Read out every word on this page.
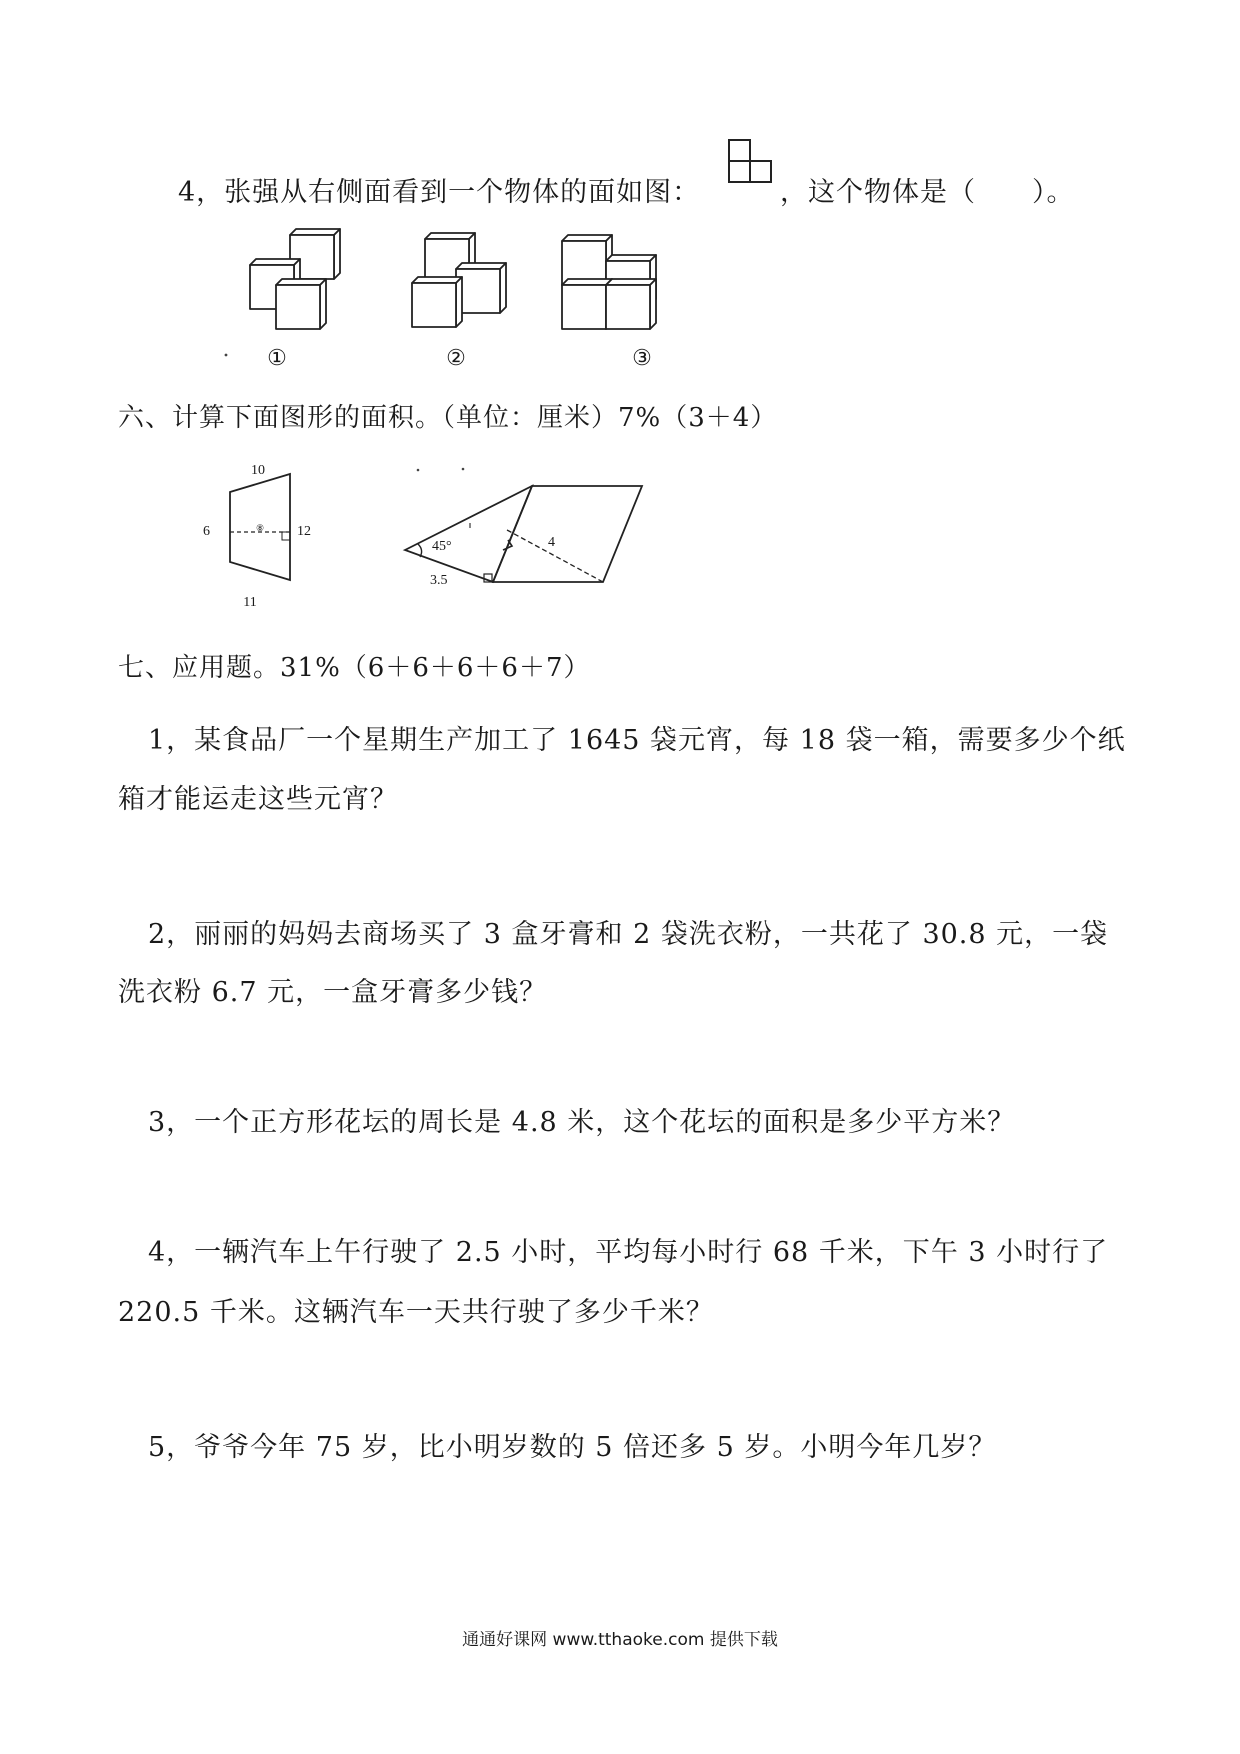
4，张强从右侧面看到一个物体的面如图：	，这个物体是（　　）。
①	②	③
六、计算下面图形的面积。（单位：厘米）7%（3＋4）
10
6	12
11
⑧
45°	4
3.5
七、应用题。31%（6＋6＋6＋6＋7）
1，某食品厂一个星期生产加工了 1645 袋元宵，每 18 袋一箱，需要多少个纸
箱才能运走这些元宵？
2，丽丽的妈妈去商场买了 3 盒牙膏和 2 袋洗衣粉，一共花了 30.8 元，一袋
洗衣粉 6.7 元，一盒牙膏多少钱？
3，一个正方形花坛的周长是 4.8 米，这个花坛的面积是多少平方米？
4，一辆汽车上午行驶了 2.5 小时，平均每小时行 68 千米，下午 3 小时行了
220.5 千米。这辆汽车一天共行驶了多少千米？
5，爷爷今年 75 岁，比小明岁数的 5 倍还多 5 岁。小明今年几岁？
通通好课网 www.tthaoke.com 提供下载
